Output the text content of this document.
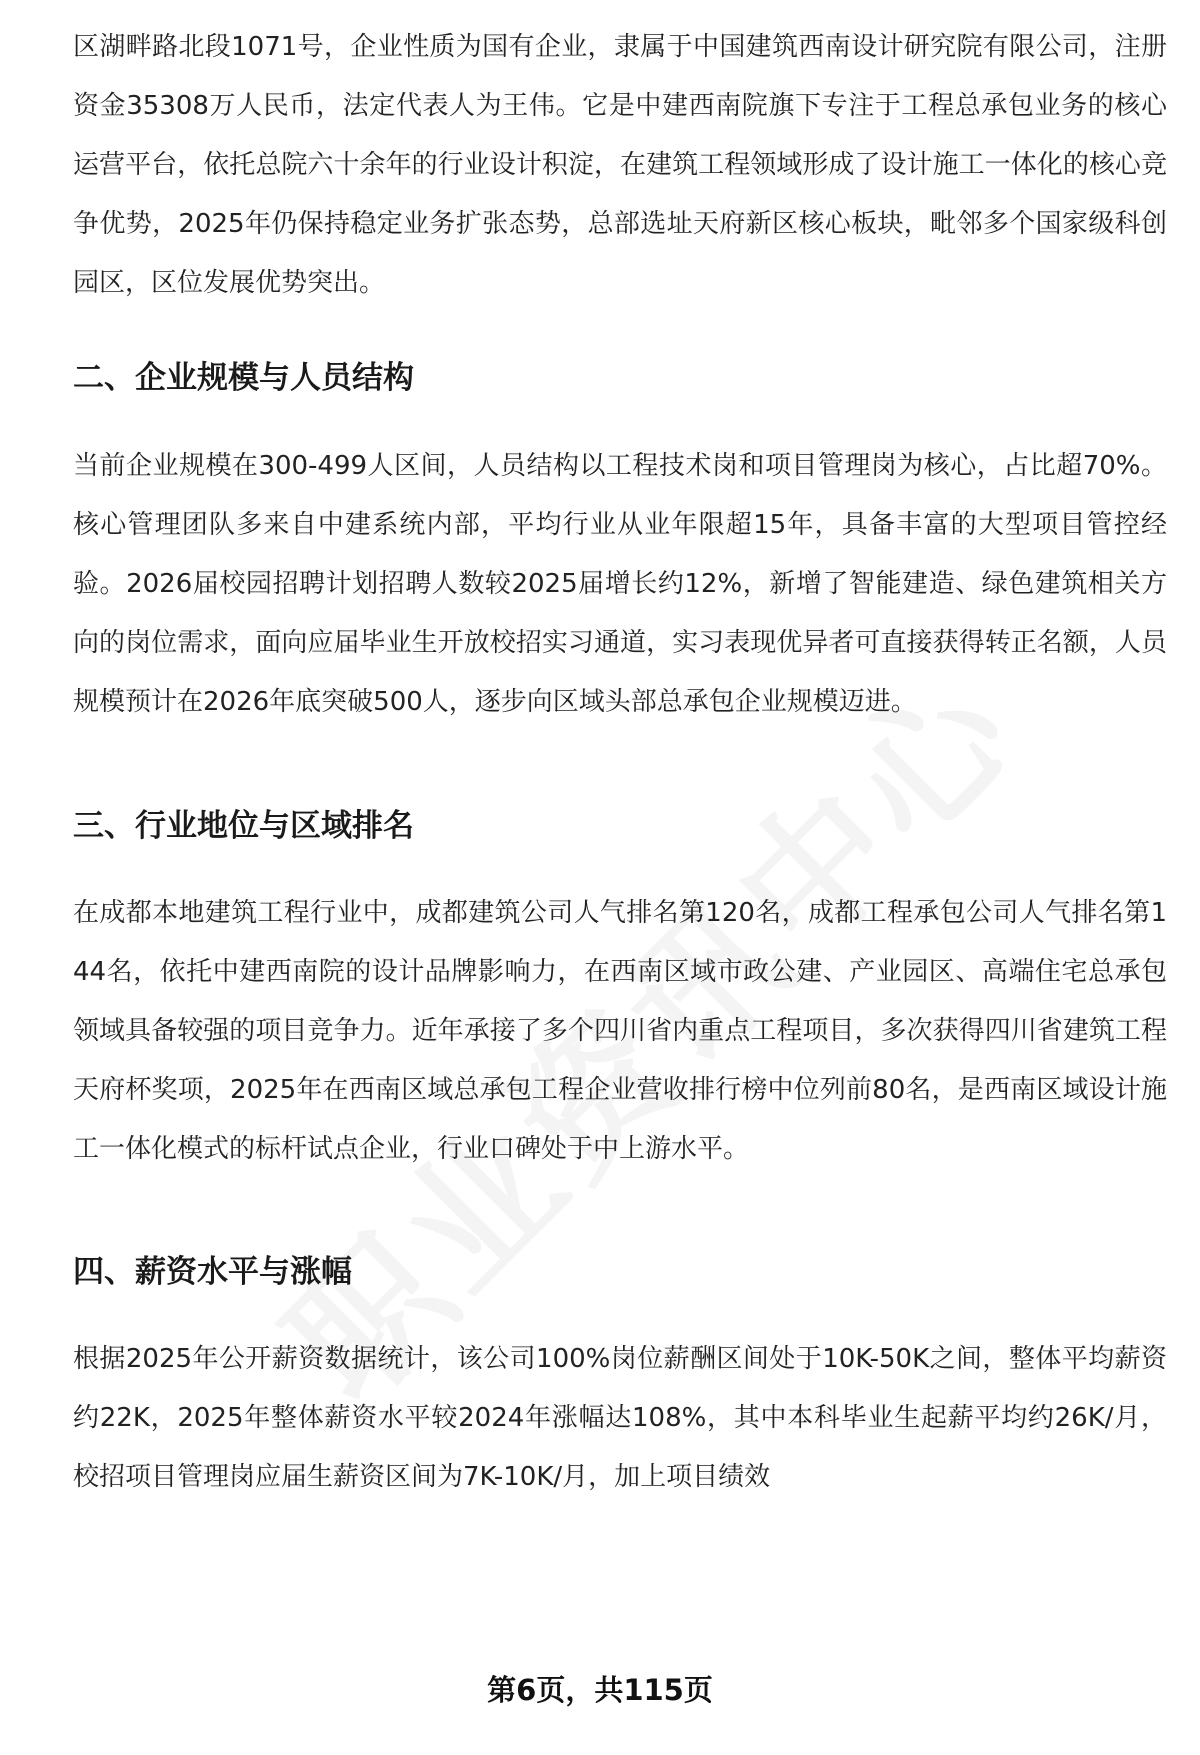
区湖畔路北段1071号，企业性质为国有企业，隶属于中国建筑西南设计研究院有限公司，注册资金35308万人民币，法定代表人为王伟。它是中建西南院旗下专注于工程总承包业务的核心运营平台，依托总院六十余年的行业设计积淀，在建筑工程领域形成了设计施工一体化的核心竞争优势，2025年仍保持稳定业务扩张态势，总部选址天府新区核心板块，毗邻多个国家级科创园区，区位发展优势突出。

二、企业规模与人员结构

当前企业规模在300-499人区间，人员结构以工程技术岗和项目管理岗为核心，占比超70%。核心管理团队多来自中建系统内部，平均行业从业年限超15年，具备丰富的大型项目管控经验。2026届校园招聘计划招聘人数较2025届增长约12%，新增了智能建造、绿色建筑相关方向的岗位需求，面向应届毕业生开放校招实习通道，实习表现优异者可直接获得转正名额，人员规模预计在2026年底突破500人，逐步向区域头部总承包企业规模迈进。

三、行业地位与区域排名

在成都本地建筑工程行业中，成都建筑公司人气排名第120名，成都工程承包公司人气排名第144名，依托中建西南院的设计品牌影响力，在西南区域市政公建、产业园区、高端住宅总承包领域具备较强的项目竞争力。近年承接了多个四川省内重点工程项目，多次获得四川省建筑工程天府杯奖项，2025年在西南区域总承包工程企业营收排行榜中位列前80名，是西南区域设计施工一体化模式的标杆试点企业，行业口碑处于中上游水平。

四、薪资水平与涨幅

根据2025年公开薪资数据统计，该公司100%岗位薪酬区间处于10K-50K之间，整体平均薪资约22K，2025年整体薪资水平较2024年涨幅达108%，其中本科毕业生起薪平均约26K/月，校招项目管理岗应届生薪资区间为7K-10K/月，加上项目绩效

第6页，共115页
